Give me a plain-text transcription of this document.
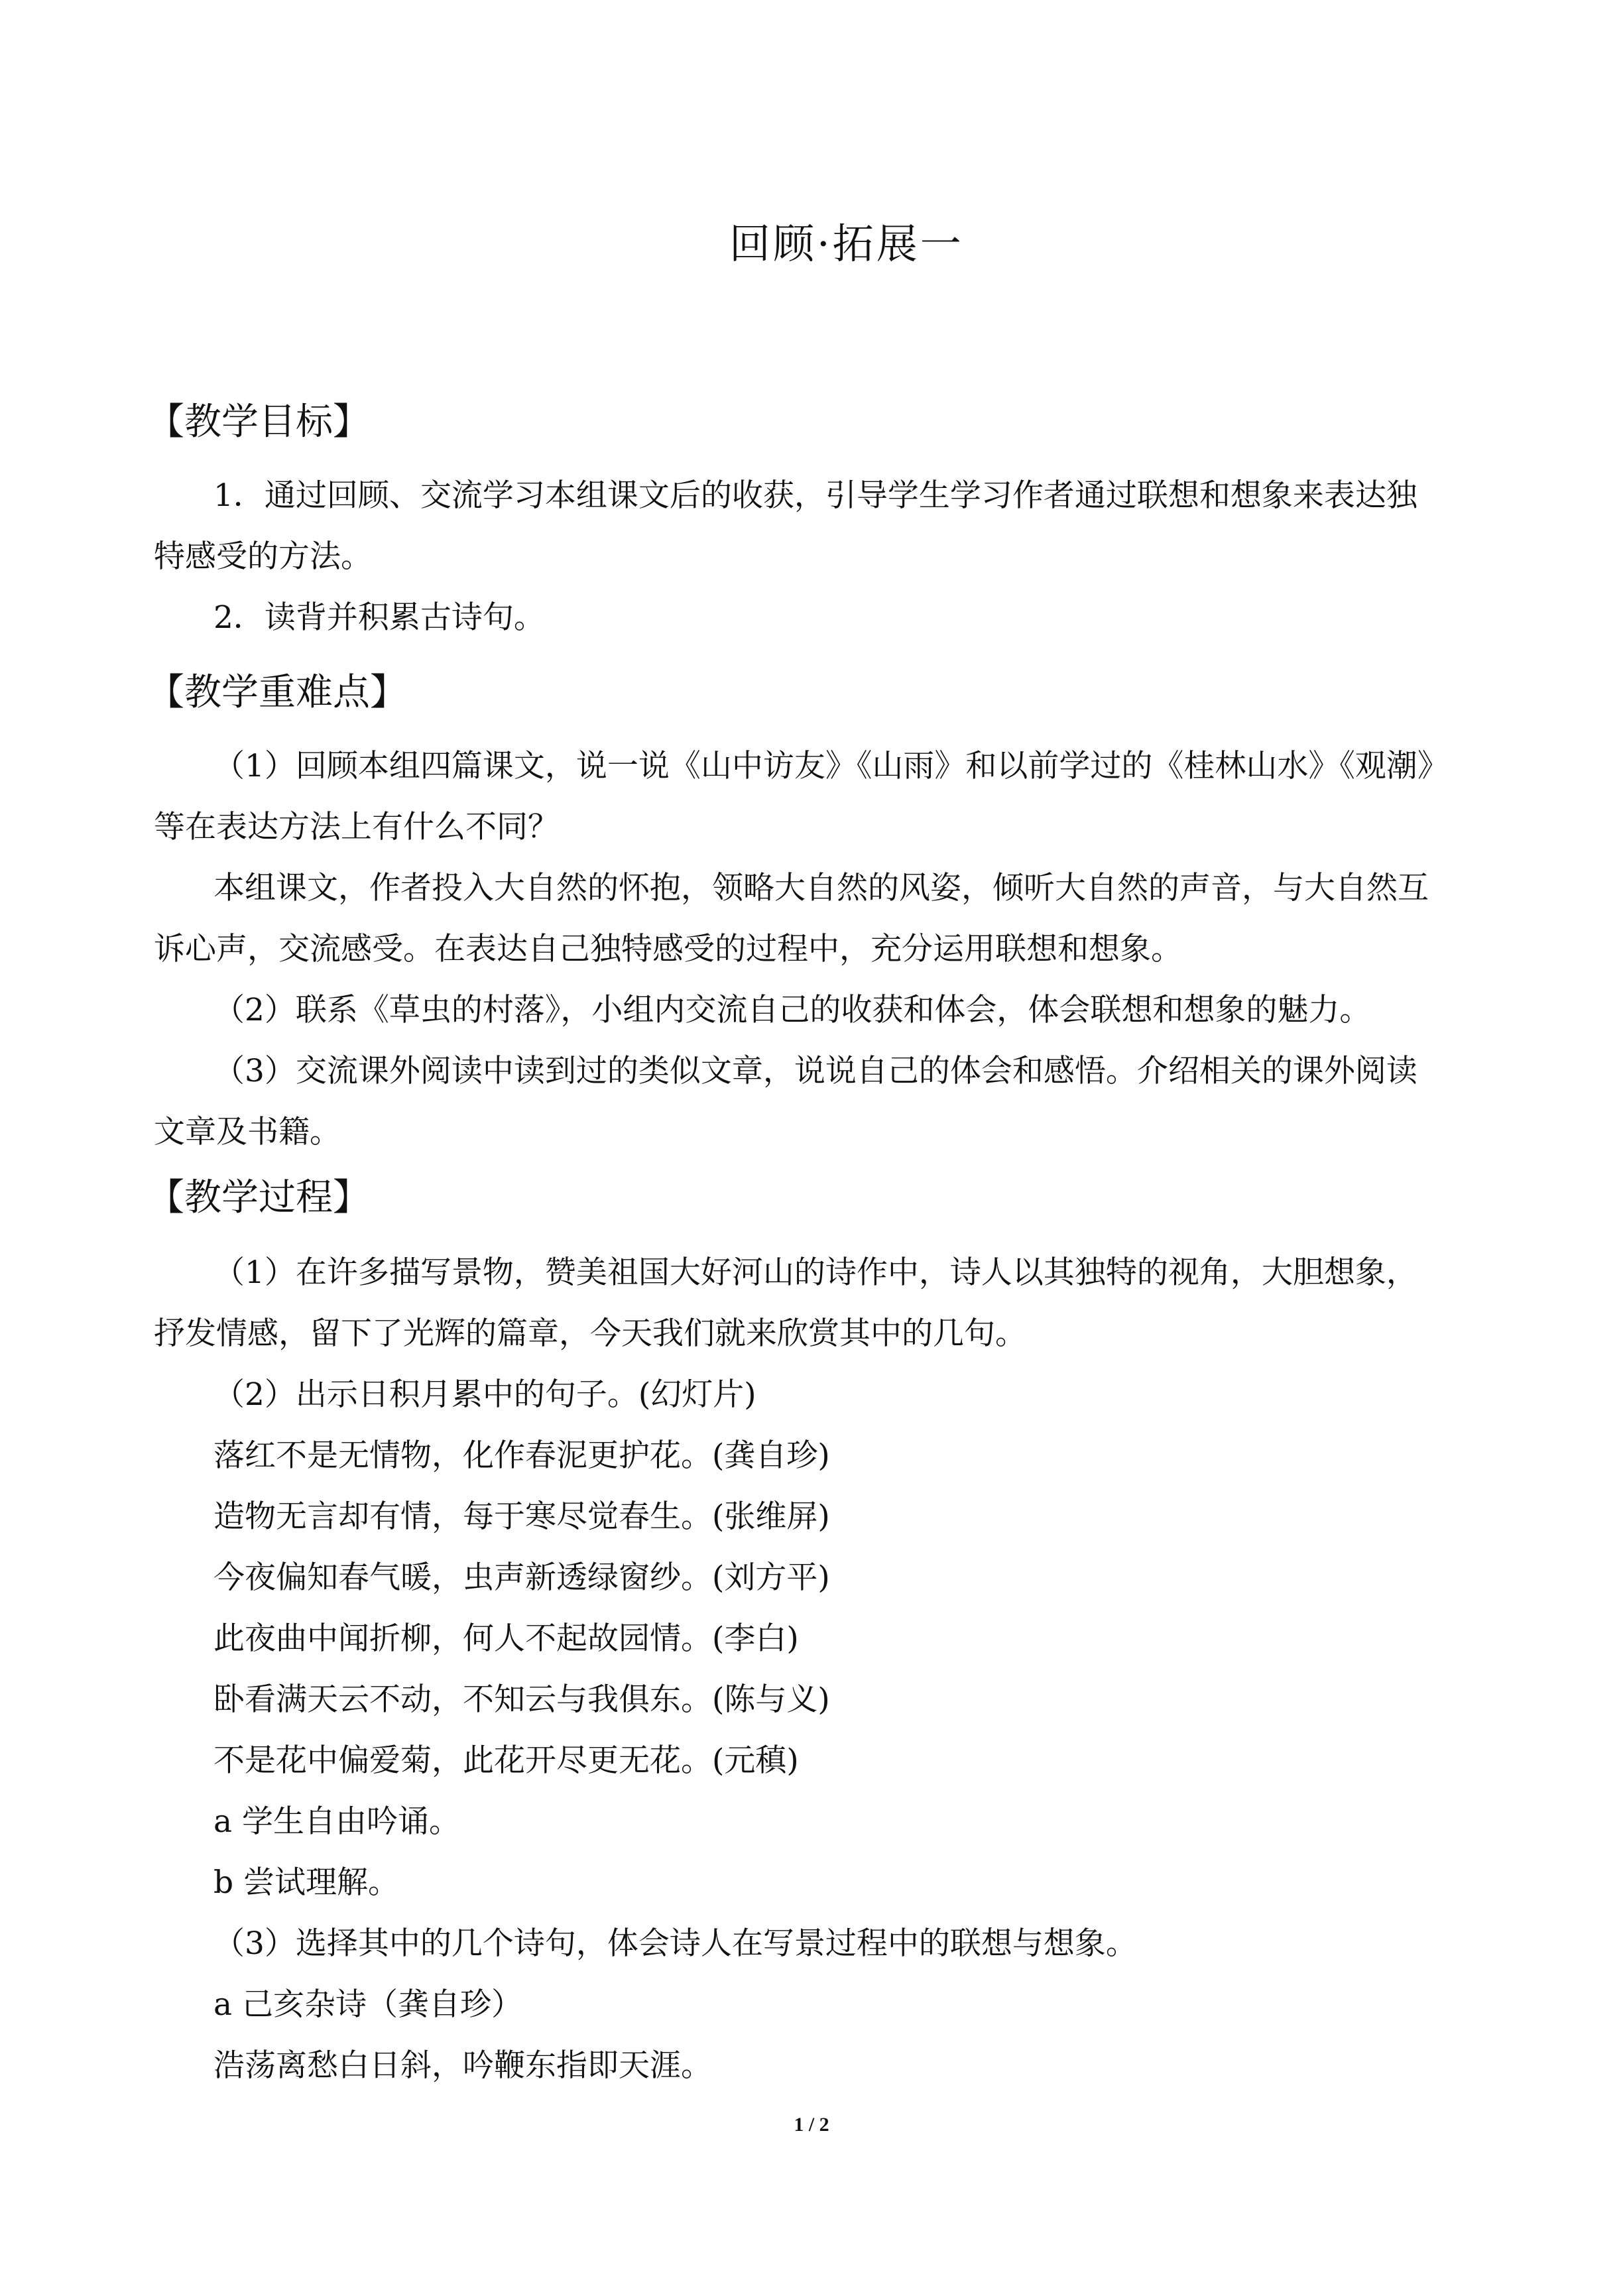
回顾·拓展一
【教学目标】
1．通过回顾、交流学习本组课文后的收获，引导学生学习作者通过联想和想象来表达独
特感受的方法。
2．读背并积累古诗句。
【教学重难点】
（1）回顾本组四篇课文，说一说《山中访友》《山雨》和以前学过的《桂林山水》《观潮》
等在表达方法上有什么不同？
本组课文，作者投入大自然的怀抱，领略大自然的风姿，倾听大自然的声音，与大自然互
诉心声，交流感受。在表达自己独特感受的过程中，充分运用联想和想象。
（2）联系《草虫的村落》，小组内交流自己的收获和体会，体会联想和想象的魅力。
（3）交流课外阅读中读到过的类似文章，说说自己的体会和感悟。介绍相关的课外阅读
文章及书籍。
【教学过程】
（1）在许多描写景物，赞美祖国大好河山的诗作中，诗人以其独特的视角，大胆想象，
抒发情感，留下了光辉的篇章，今天我们就来欣赏其中的几句。
（2）出示日积月累中的句子。(幻灯片)
落红不是无情物，化作春泥更护花。(龚自珍)
造物无言却有情，每于寒尽觉春生。(张维屏)
今夜偏知春气暖，虫声新透绿窗纱。(刘方平)
此夜曲中闻折柳，何人不起故园情。(李白)
卧看满天云不动，不知云与我俱东。(陈与义)
不是花中偏爱菊，此花开尽更无花。(元稹)
a 学生自由吟诵。
b 尝试理解。
（3）选择其中的几个诗句，体会诗人在写景过程中的联想与想象。
a 己亥杂诗（龚自珍）
浩荡离愁白日斜，吟鞭东指即天涯。
1 / 2
